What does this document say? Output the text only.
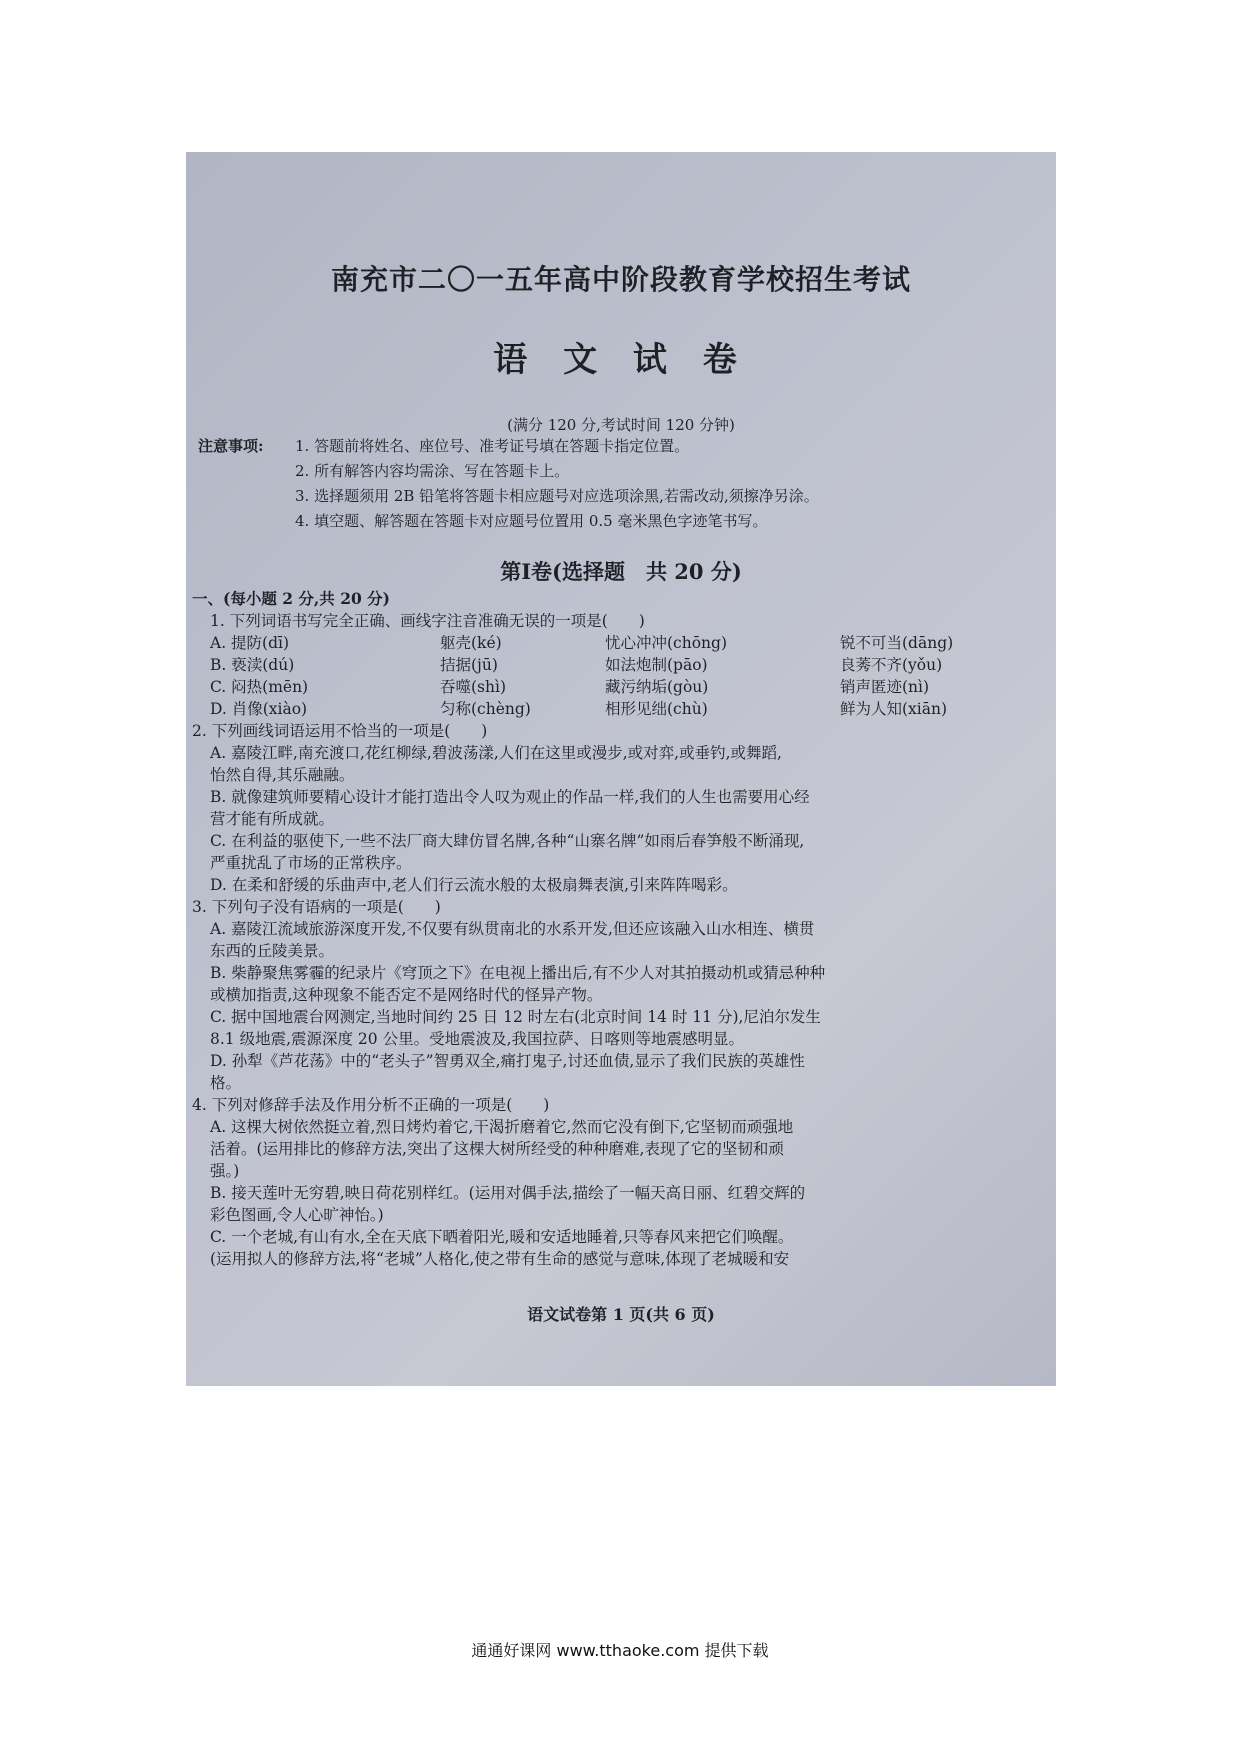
南充市二〇一五年高中阶段教育学校招生考试
语 文 试 卷
(满分 120 分,考试时间 120 分钟)
注意事项:	1. 答题前将姓名、座位号、准考证号填在答题卡指定位置。
2. 所有解答内容均需涂、写在答题卡上。
3. 选择题须用 2B 铅笔将答题卡相应题号对应选项涂黑,若需改动,须擦净另涂。
4. 填空题、解答题在答题卡对应题号位置用 0.5 毫米黑色字迹笔书写。
第Ⅰ卷(选择题　共 20 分)

一、(每小题 2 分,共 20 分)

1. 下列词语书写完全正确、画线字注音准确无误的一项是(　　)

A. 提防(dī)	躯壳(ké)	忧心冲冲(chōng)	锐不可当(dāng)
B. 亵渎(dú)	拮据(jū)	如法炮制(pāo)	良莠不齐(yǒu)
C. 闷热(mēn)	吞噬(shì)	藏污纳垢(gòu)	销声匿迹(nì)
D. 肖像(xiào)	匀称(chèng)	相形见绌(chù)	鲜为人知(xiān)

2. 下列画线词语运用不恰当的一项是(　　)

A. 嘉陵江畔,南充渡口,花红柳绿,碧波荡漾,人们在这里或漫步,或对弈,或垂钓,或舞蹈,

怡然自得,其乐融融。

B. 就像建筑师要精心设计才能打造出令人叹为观止的作品一样,我们的人生也需要用心经

营才能有所成就。

C. 在利益的驱使下,一些不法厂商大肆仿冒名牌,各种“山寨名牌”如雨后春笋般不断涌现,

严重扰乱了市场的正常秩序。

D. 在柔和舒缓的乐曲声中,老人们行云流水般的太极扇舞表演,引来阵阵喝彩。

3. 下列句子没有语病的一项是(　　)

A. 嘉陵江流域旅游深度开发,不仅要有纵贯南北的水系开发,但还应该融入山水相连、横贯

东西的丘陵美景。

B. 柴静聚焦雾霾的纪录片《穹顶之下》在电视上播出后,有不少人对其拍摄动机或猜忌种种

或横加指责,这种现象不能否定不是网络时代的怪异产物。

C. 据中国地震台网测定,当地时间约 25 日 12 时左右(北京时间 14 时 11 分),尼泊尔发生

8.1 级地震,震源深度 20 公里。受地震波及,我国拉萨、日喀则等地震感明显。

D. 孙犁《芦花荡》中的“老头子”智勇双全,痛打鬼子,讨还血债,显示了我们民族的英雄性

格。

4. 下列对修辞手法及作用分析不正确的一项是(　　)

A. 这棵大树依然挺立着,烈日烤灼着它,干渴折磨着它,然而它没有倒下,它坚韧而顽强地

活着。(运用排比的修辞方法,突出了这棵大树所经受的种种磨难,表现了它的坚韧和顽

强。)

B. 接天莲叶无穷碧,映日荷花别样红。(运用对偶手法,描绘了一幅天高日丽、红碧交辉的

彩色图画,令人心旷神怡。)

C. 一个老城,有山有水,全在天底下晒着阳光,暖和安适地睡着,只等春风来把它们唤醒。

(运用拟人的修辞方法,将“老城”人格化,使之带有生命的感觉与意味,体现了老城暖和安

语文试卷第 1 页(共 6 页)
通通好课网 www.tthaoke.com 提供下载
